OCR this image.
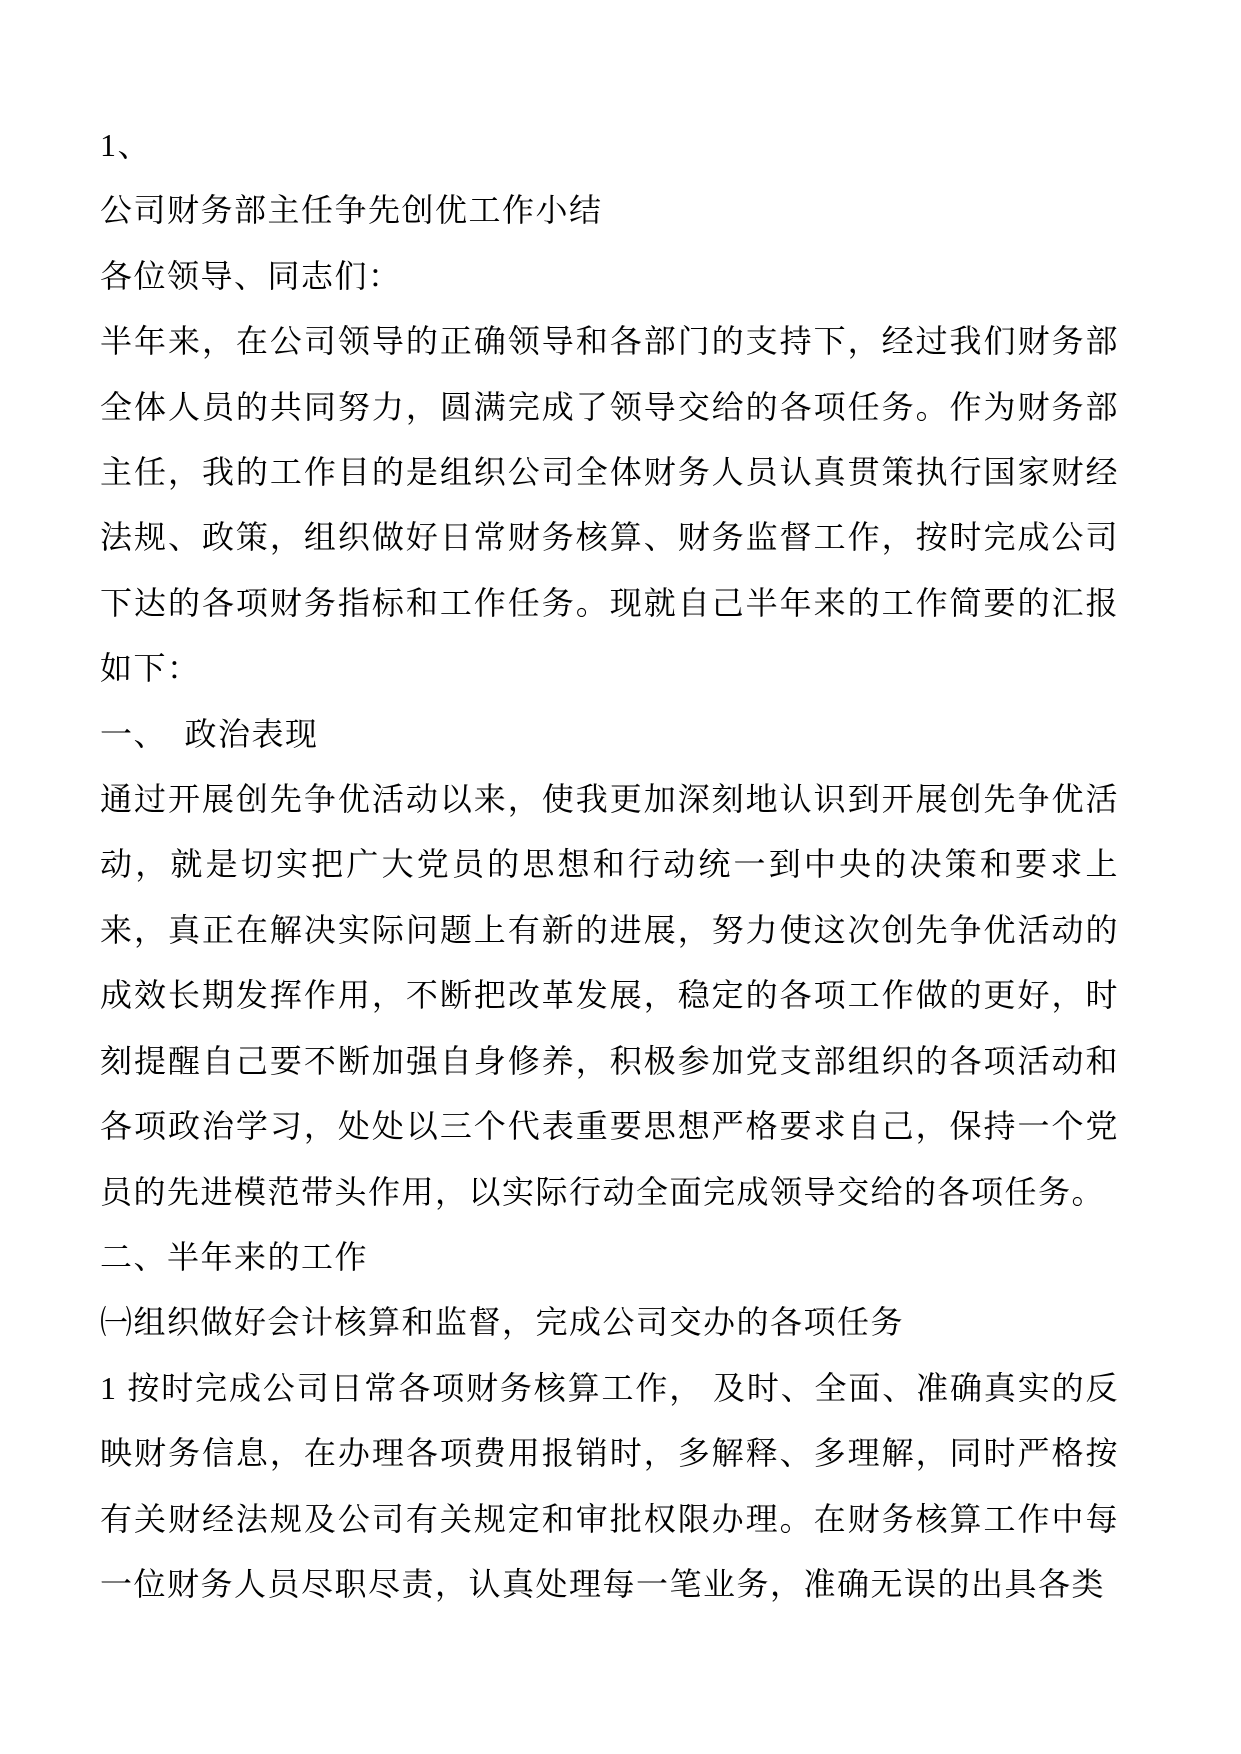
1、

公司财务部主任争先创优工作小结

各位领导、同志们：

半年来，在公司领导的正确领导和各部门的支持下，经过我们财务部全体人员的共同努力，圆满完成了领导交给的各项任务。作为财务部主任，我的工作目的是组织公司全体财务人员认真贯策执行国家财经法规、政策，组织做好日常财务核算、财务监督工作，按时完成公司下达的各项财务指标和工作任务。现就自己半年来的工作简要的汇报如下：

一、　政治表现

通过开展创先争优活动以来，使我更加深刻地认识到开展创先争优活动，就是切实把广大党员的思想和行动统一到中央的决策和要求上来，真正在解决实际问题上有新的进展，努力使这次创先争优活动的成效长期发挥作用，不断把改革发展，稳定的各项工作做的更好，时刻提醒自己要不断加强自身修养，积极参加党支部组织的各项活动和各项政治学习，处处以三个代表重要思想严格要求自己，保持一个党员的先进模范带头作用，以实际行动全面完成领导交给的各项任务。

二、半年来的工作

㈠组织做好会计核算和监督，完成公司交办的各项任务

1 按时完成公司日常各项财务核算工作， 及时、全面、准确真实的反映财务信息，在办理各项费用报销时，多解释、多理解，同时严格按有关财经法规及公司有关规定和审批权限办理。在财务核算工作中每一位财务人员尽职尽责，认真处理每一笔业务，准确无误的出具各类
